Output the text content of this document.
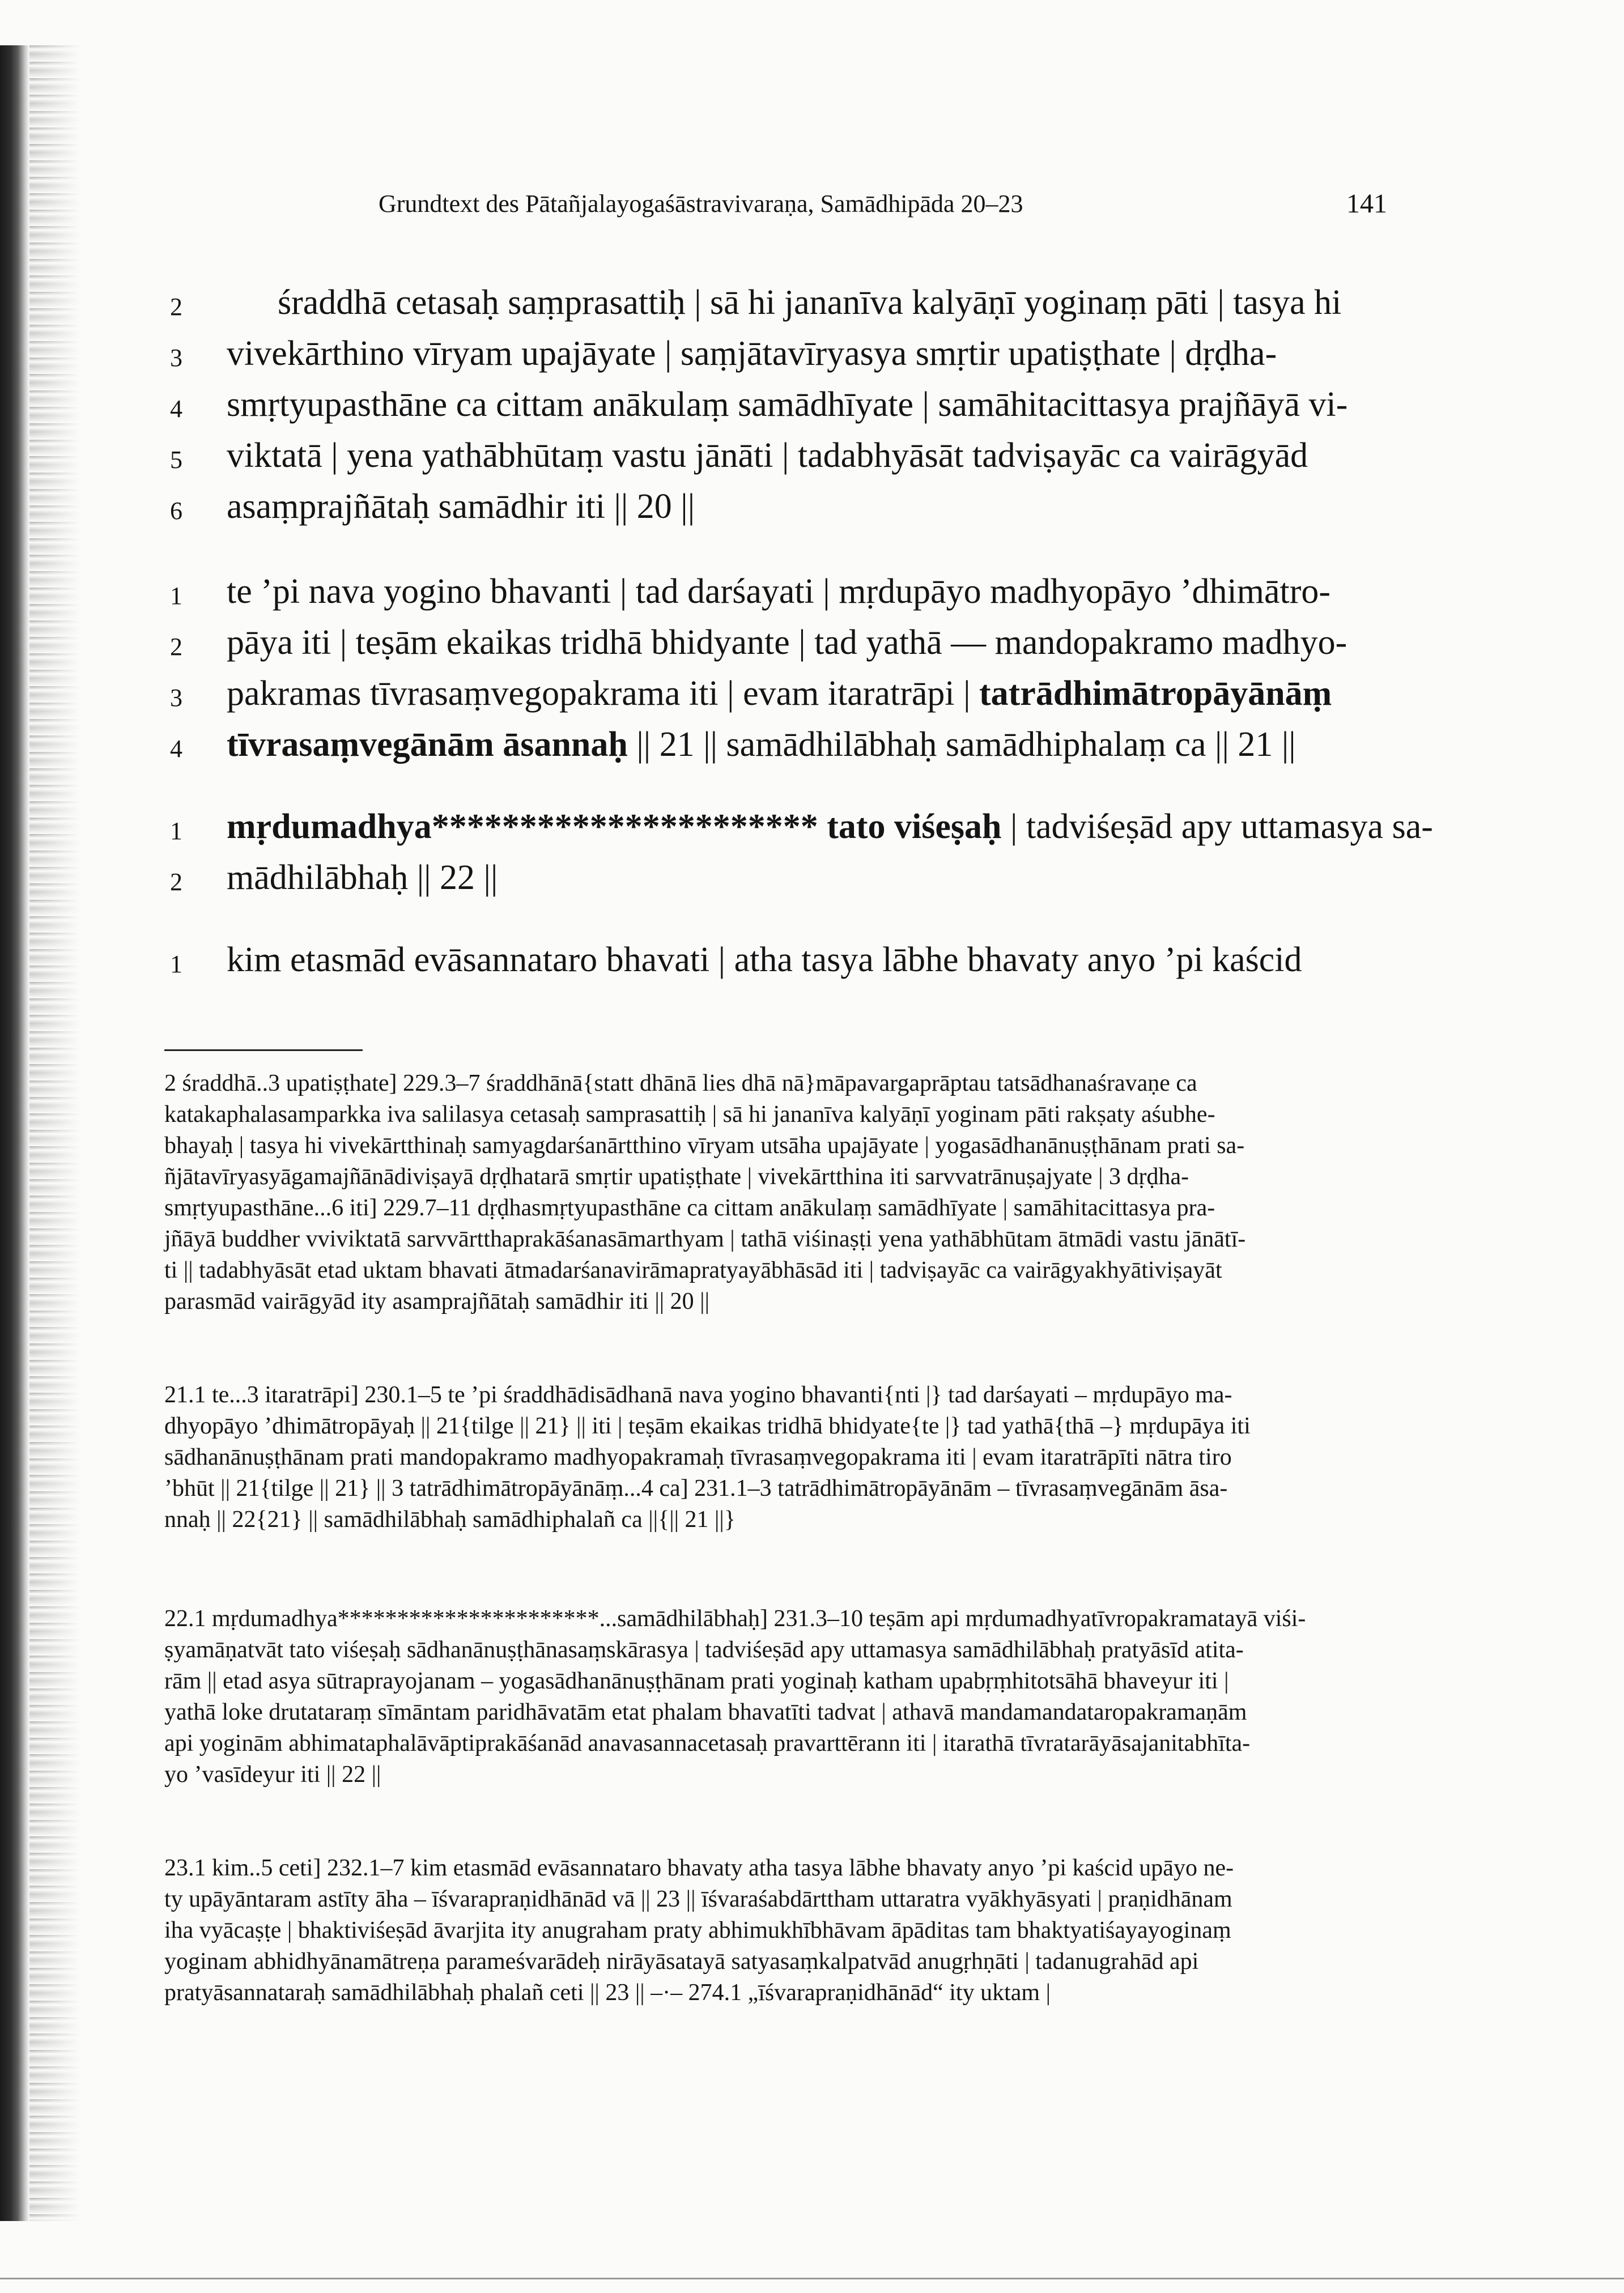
Grundtext des Pātañjalayogaśāstravivaraṇa, Samādhipāda 20–23	141
2	śraddhā cetasaḥ saṃprasattiḥ | sā hi jananīva kalyāṇī yoginaṃ pāti | tasya hi
3 vivekārthino vīryam upajāyate | saṃjātavīryasya smṛtir upatiṣṭhate | dṛḍha-
4 smṛtyupasthāne ca cittam anākulaṃ samādhīyate | samāhitacittasya prajñāyā vi-
5 viktatā | yena yathābhūtaṃ vastu jānāti | tadabhyāsāt tadviṣayāc ca vairāgyād
6 asaṃprajñātaḥ samādhir iti || 20 ||
1 te ’pi nava yogino bhavanti | tad darśayati | mṛdupāyo madhyopāyo ’dhimātro-
2 pāya iti | teṣām ekaikas tridhā bhidyante | tad yathā — mandopakramo madhyo-
3 pakramas tīvrasaṃvegopakrama iti | evam itaratrāpi | tatrādhimātropāyānāṃ
4 tīvrasaṃvegānām āsannaḥ || 21 || samādhilābhaḥ samādhiphalaṃ ca || 21 ||
1 mṛdumadhya********************** tato viśeṣaḥ | tadviśeṣād apy uttamasya sa-
2 mādhilābhaḥ || 22 ||
1 kim etasmād evāsannataro bhavati | atha tasya lābhe bhavaty anyo ’pi kaścid

2 śraddhā..3 upatiṣṭhate] 229.3–7 śraddhānā{statt dhānā lies dhā nā}māpavargaprāptau tatsādhanaśravaṇe ca

katakaphalasamparkka iva salilasya cetasaḥ samprasattiḥ | sā hi jananīva kalyāṇī yoginam pāti rakṣaty aśubhe-

bhayaḥ | tasya hi vivekārtthinaḥ samyagdarśanārtthino vīryam utsāha upajāyate | yogasādhanānuṣṭhānam prati sa-

ñjātavīryasyāgamajñānādiviṣayā dṛḍhatarā smṛtir upatiṣṭhate | vivekārtthina iti sarvvatrānuṣajyate | 3 dṛḍha-

smṛtyupasthāne...6 iti] 229.7–11 dṛḍhasmṛtyupasthāne ca cittam anākulaṃ samādhīyate | samāhitacittasya pra-

jñāyā buddher vviviktatā sarvvārtthaprakāśanasāmarthyam | tathā viśinaṣṭi yena yathābhūtam ātmādi vastu jānātī-

ti || tadabhyāsāt etad uktam bhavati ātmadarśanavirāmapratyayābhāsād iti | tadviṣayāc ca vairāgyakhyātiviṣayāt

parasmād vairāgyād ity asamprajñātaḥ samādhir iti || 20 ||

21.1 te...3 itaratrāpi] 230.1–5 te ’pi śraddhādisādhanā nava yogino bhavanti{nti |} tad darśayati – mṛdupāyo ma-

dhyopāyo ’dhimātropāyaḥ || 21{tilge || 21} || iti | teṣām ekaikas tridhā bhidyate{te |} tad yathā{thā –} mṛdupāya iti

sādhanānuṣṭhānam prati mandopakramo madhyopakramaḥ tīvrasaṃvegopakrama iti | evam itaratrāpīti nātra tiro

’bhūt || 21{tilge || 21} || 3 tatrādhimātropāyānāṃ...4 ca] 231.1–3 tatrādhimātropāyānām – tīvrasaṃvegānām āsa-

nnaḥ || 22{21} || samādhilābhaḥ samādhiphalañ ca ||{|| 21 ||}

22.1 mṛdumadhya**********************...samādhilābhaḥ] 231.3–10 teṣām api mṛdumadhyatīvropakramatayā viśi-

ṣyamāṇatvāt tato viśeṣaḥ sādhanānuṣṭhānasaṃskārasya | tadviśeṣād apy uttamasya samādhilābhaḥ pratyāsīd atita-

rām || etad asya sūtraprayojanam – yogasādhanānuṣṭhānam prati yoginaḥ katham upabṛṃhitotsāhā bhaveyur iti |

yathā loke drutataraṃ sīmāntam paridhāvatām etat phalam bhavatīti tadvat | athavā mandamandataropakramaṇām

api yoginām abhimataphalāvāptiprakāśanād anavasannacetasaḥ pravarttērann iti | itarathā tīvratarāyāsajanitabhīta-

yo ’vasīdeyur iti || 22 ||

23.1 kim..5 ceti] 232.1–7 kim etasmād evāsannataro bhavaty atha tasya lābhe bhavaty anyo ’pi kaścid upāyo ne-

ty upāyāntaram astīty āha – īśvarapraṇidhānād vā || 23 || īśvaraśabdārttham uttaratra vyākhyāsyati | praṇidhānam

iha vyācaṣṭe | bhaktiviśeṣād āvarjita ity anugraham praty abhimukhībhāvam āpāditas tam bhaktyatiśayayoginaṃ

yoginam abhidhyānamātreṇa parameśvarādeḥ nirāyāsatayā satyasaṃkalpatvād anugṛhṇāti | tadanugrahād api

pratyāsannataraḥ samādhilābhaḥ phalañ ceti || 23 || –·– 274.1 „īśvarapraṇidhānād“ ity uktam |
